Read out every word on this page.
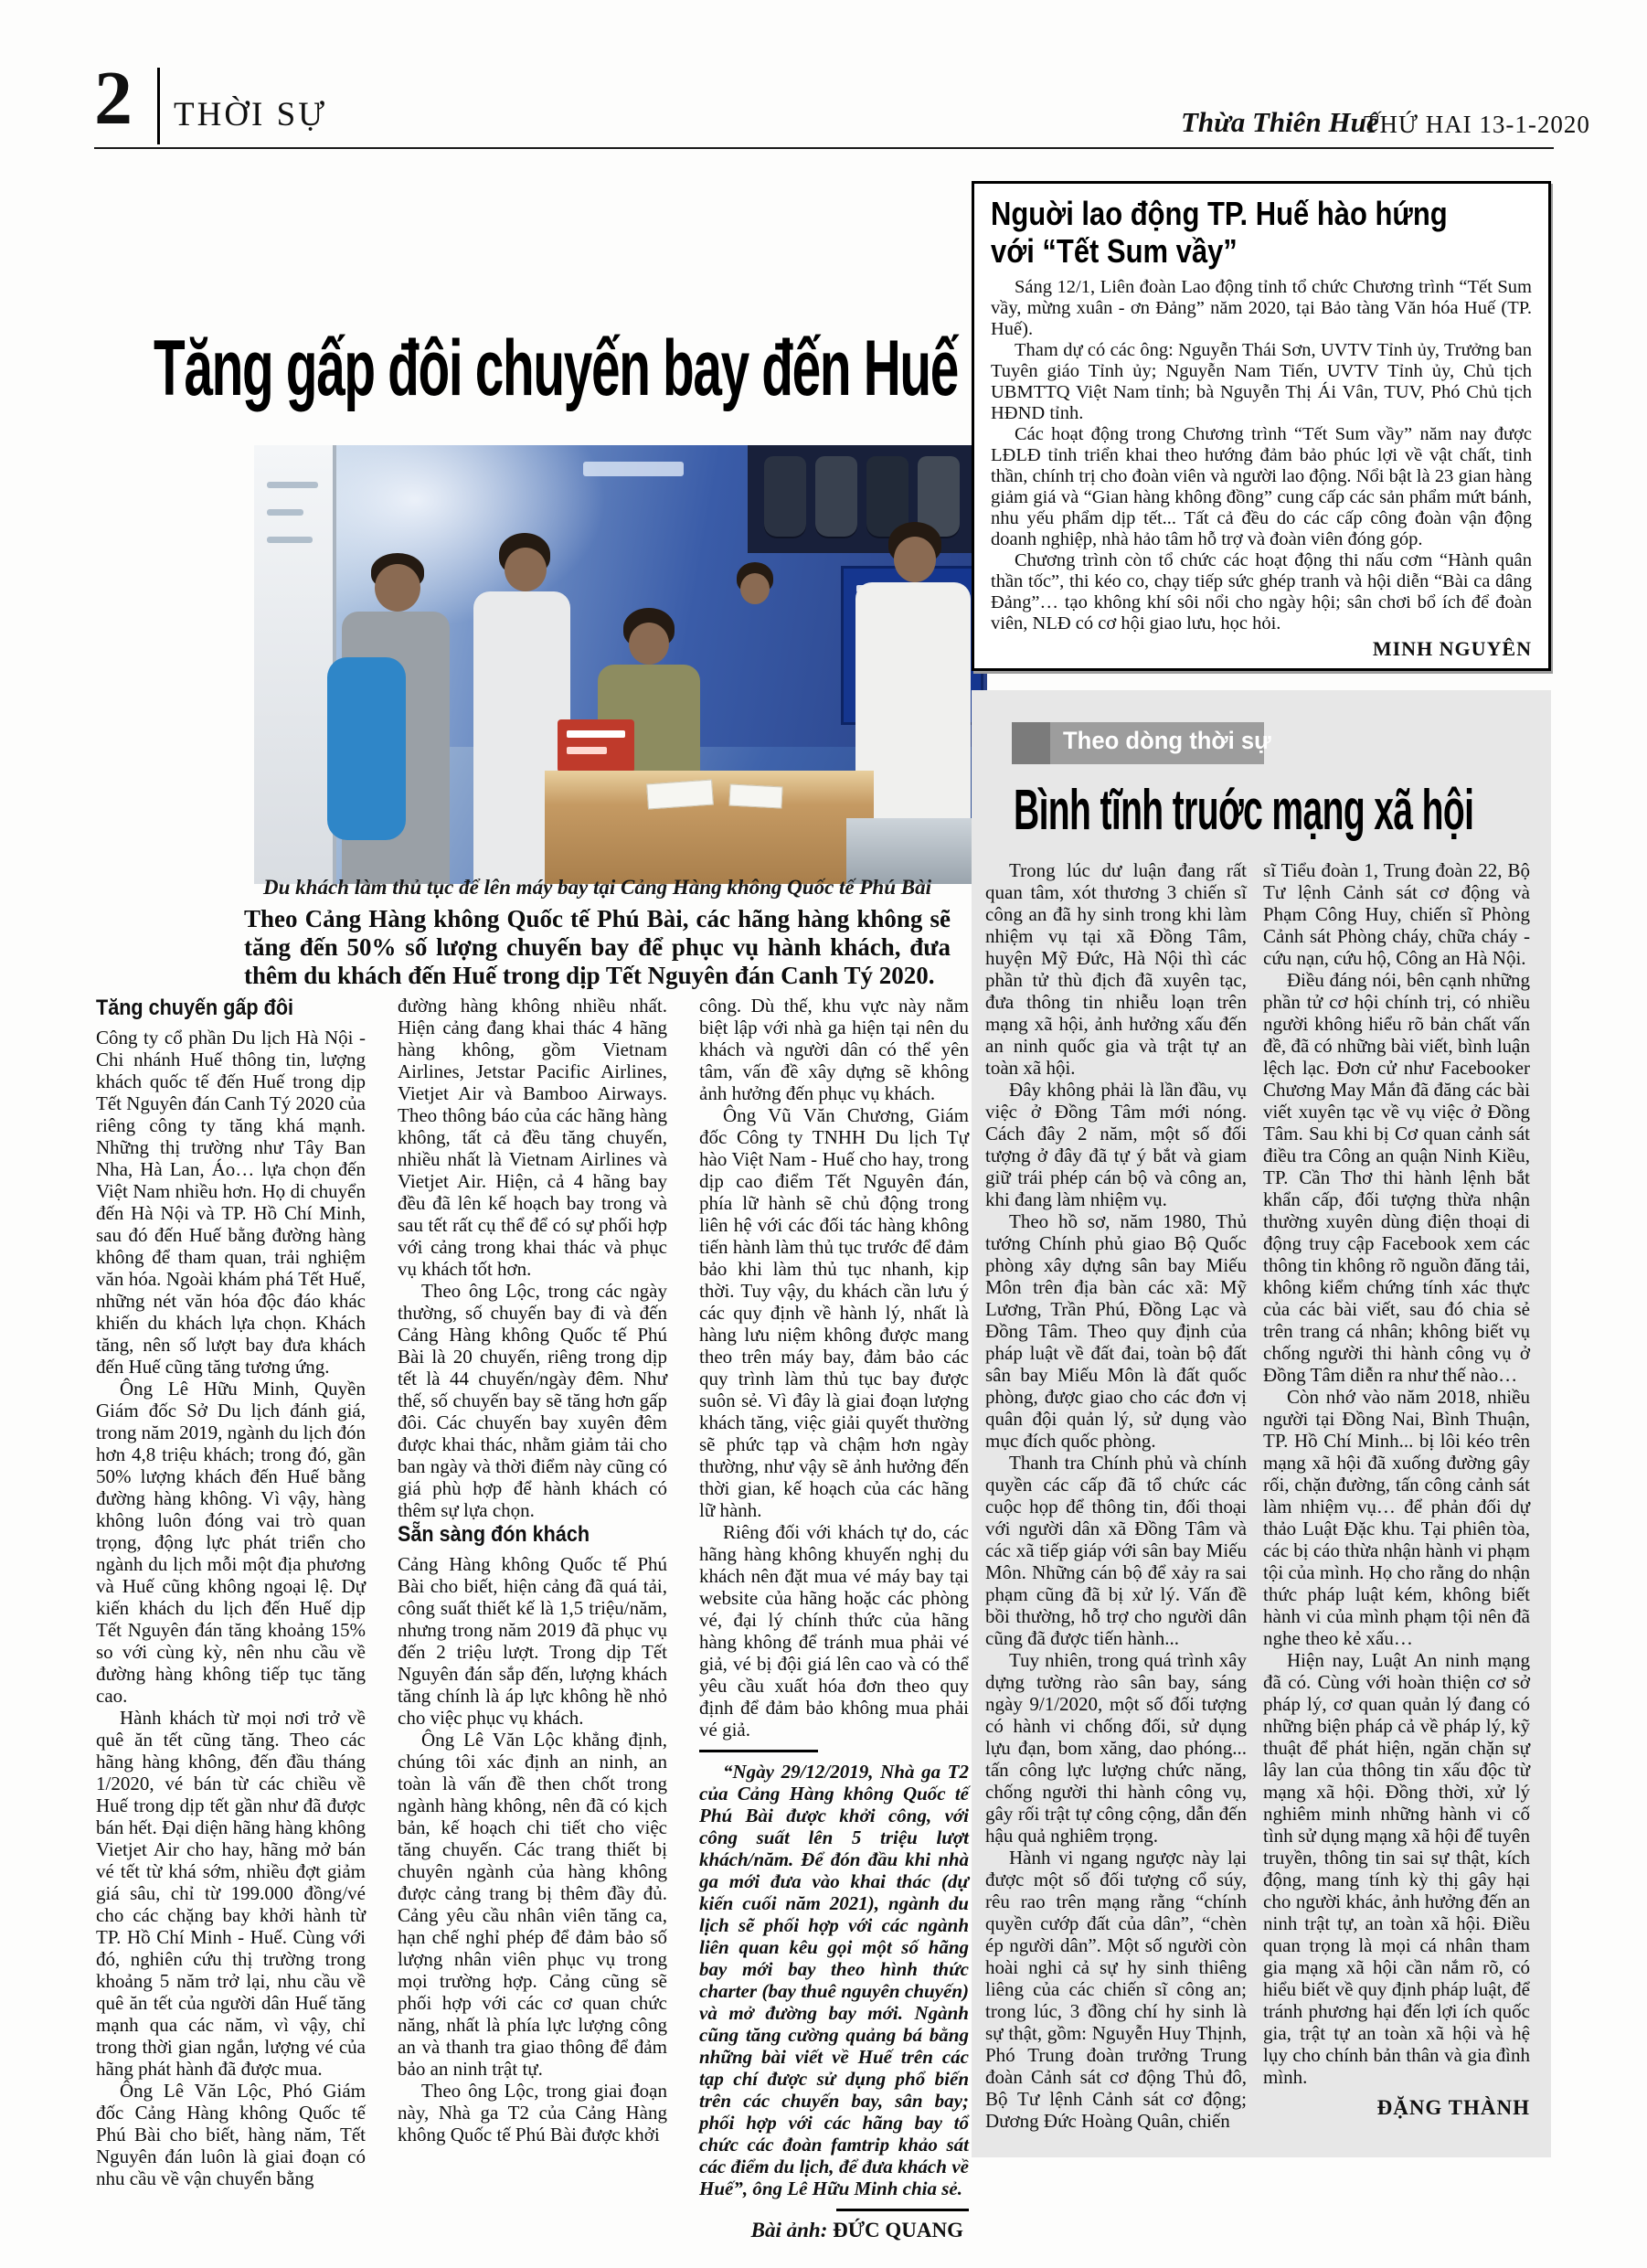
2 THỜI SỰ	Thừa Thiên Huế
THỨ HAI 13-1-2020
Tăng gấp đôi chuyến bay đến Huế
Du khách làm thủ tục để lên máy bay tại Cảng Hàng không Quốc tế Phú Bài
Theo Cảng Hàng không Quốc tế Phú Bài, các hãng hàng không sẽ tăng đến 50% số lượng chuyến bay để phục vụ hành khách, đưa thêm du khách đến Huế trong dịp Tết Nguyên đán Canh Tý 2020.
Tăng chuyến gấp đôi

Công ty cổ phần Du lịch Hà Nội - Chi nhánh Huế thông tin, lượng khách quốc tế đến Huế trong dịp Tết Nguyên đán Canh Tý 2020 của riêng công ty tăng khá mạnh. Những thị trường như Tây Ban Nha, Hà Lan, Áo… lựa chọn đến Việt Nam nhiều hơn. Họ di chuyển đến Hà Nội và TP. Hồ Chí Minh, sau đó đến Huế bằng đường hàng không để tham quan, trải nghiệm văn hóa. Ngoài khám phá Tết Huế, những nét văn hóa độc đáo khác khiến du khách lựa chọn. Khách tăng, nên số lượt bay đưa khách đến Huế cũng tăng tương ứng.

Ông Lê Hữu Minh, Quyền Giám đốc Sở Du lịch đánh giá, trong năm 2019, ngành du lịch đón hơn 4,8 triệu khách; trong đó, gần 50% lượng khách đến Huế bằng đường hàng không. Vì vậy, hàng không luôn đóng vai trò quan trọng, động lực phát triển cho ngành du lịch mỗi một địa phương và Huế cũng không ngoại lệ. Dự kiến khách du lịch đến Huế dịp Tết Nguyên đán tăng khoảng 15% so với cùng kỳ, nên nhu cầu về đường hàng không tiếp tục tăng cao.

Hành khách từ mọi nơi trở về quê ăn tết cũng tăng. Theo các hãng hàng không, đến đầu tháng 1/2020, vé bán từ các chiều về Huế trong dịp tết gần như đã được bán hết. Đại diện hãng hàng không Vietjet Air cho hay, hãng mở bán vé tết từ khá sớm, nhiều đợt giảm giá sâu, chỉ từ 199.000 đồng/vé cho các chặng bay khởi hành từ TP. Hồ Chí Minh - Huế. Cùng với đó, nghiên cứu thị trường trong khoảng 5 năm trở lại, nhu cầu về quê ăn tết của người dân Huế tăng mạnh qua các năm, vì vậy, chỉ trong thời gian ngắn, lượng vé của hãng phát hành đã được mua.

Ông Lê Văn Lộc, Phó Giám đốc Cảng Hàng không Quốc tế Phú Bài cho biết, hàng năm, Tết Nguyên đán luôn là giai đoạn có nhu cầu về vận chuyển bằng

đường hàng không nhiều nhất. Hiện cảng đang khai thác 4 hãng hàng không, gồm Vietnam Airlines, Jetstar Pacific Airlines, Vietjet Air và Bamboo Airways. Theo thông báo của các hãng hàng không, tất cả đều tăng chuyến, nhiều nhất là Vietnam Airlines và Vietjet Air. Hiện, cả 4 hãng bay đều đã lên kế hoạch bay trong và sau tết rất cụ thể để có sự phối hợp với cảng trong khai thác và phục vụ khách tốt hơn.

Theo ông Lộc, trong các ngày thường, số chuyến bay đi và đến Cảng Hàng không Quốc tế Phú Bài là 20 chuyến, riêng trong dịp tết là 44 chuyến/ngày đêm. Như thế, số chuyến bay sẽ tăng hơn gấp đôi. Các chuyến bay xuyên đêm được khai thác, nhằm giảm tải cho ban ngày và thời điểm này cũng có giá phù hợp để hành khách có thêm sự lựa chọn.

Sẵn sàng đón khách

Cảng Hàng không Quốc tế Phú Bài cho biết, hiện cảng đã quá tải, công suất thiết kế là 1,5 triệu/năm, nhưng trong năm 2019 đã phục vụ đến 2 triệu lượt. Trong dịp Tết Nguyên đán sắp đến, lượng khách tăng chính là áp lực không hề nhỏ cho việc phục vụ khách.

Ông Lê Văn Lộc khẳng định, chúng tôi xác định an ninh, an toàn là vấn đề then chốt trong ngành hàng không, nên đã có kịch bản, kế hoạch chi tiết cho việc tăng chuyến. Các trang thiết bị chuyên ngành của hàng không được cảng trang bị thêm đầy đủ. Cảng yêu cầu nhân viên tăng ca, hạn chế nghỉ phép để đảm bảo số lượng nhân viên phục vụ trong mọi trường hợp. Cảng cũng sẽ phối hợp với các cơ quan chức năng, nhất là phía lực lượng công an và thanh tra giao thông để đảm bảo an ninh trật tự.

Theo ông Lộc, trong giai đoạn này, Nhà ga T2 của Cảng Hàng không Quốc tế Phú Bài được khởi

công. Dù thế, khu vực này nằm biệt lập với nhà ga hiện tại nên du khách và người dân có thể yên tâm, vấn đề xây dựng sẽ không ảnh hưởng đến phục vụ khách.

Ông Vũ Văn Chương, Giám đốc Công ty TNHH Du lịch Tự hào Việt Nam - Huế cho hay, trong dịp cao điểm Tết Nguyên đán, phía lữ hành sẽ chủ động trong liên hệ với các đối tác hàng không tiến hành làm thủ tục trước để đảm bảo khi làm thủ tục nhanh, kịp thời. Tuy vậy, du khách cần lưu ý các quy định về hành lý, nhất là hàng lưu niệm không được mang theo trên máy bay, đảm bảo các quy trình làm thủ tục bay được suôn sẻ. Vì đây là giai đoạn lượng khách tăng, việc giải quyết thường sẽ phức tạp và chậm hơn ngày thường, như vậy sẽ ảnh hưởng đến thời gian, kế hoạch của các hãng lữ hành.

Riêng đối với khách tự do, các hãng hàng không khuyến nghị du khách nên đặt mua vé máy bay tại website của hãng hoặc các phòng vé, đại lý chính thức của hãng hàng không để tránh mua phải vé giả, vé bị đội giá lên cao và có thể yêu cầu xuất hóa đơn theo quy định để đảm bảo không mua phải vé giả.

“Ngày 29/12/2019, Nhà ga T2 của Cảng Hàng không Quốc tế Phú Bài được khởi công, với công suất lên 5 triệu lượt khách/năm. Để đón đầu khi nhà ga mới đưa vào khai thác (dự kiến cuối năm 2021), ngành du lịch sẽ phối hợp với các ngành liên quan kêu gọi một số hãng bay mới bay theo hình thức charter (bay thuê nguyên chuyến) và mở đường bay mới. Ngành cũng tăng cường quảng bá bằng những bài viết về Huế trên các tạp chí được sử dụng phổ biến trên các chuyến bay, sân bay; phối hợp với các hãng bay tổ chức các đoàn famtrip khảo sát các điểm du lịch, để đưa khách về Huế”, ông Lê Hữu Minh chia sẻ.
Bài ảnh: ĐỨC QUANG
Nguời lao động TP. Huế hào hứng
với “Tết Sum vầy”

Sáng 12/1, Liên đoàn Lao động tỉnh tổ chức Chương trình “Tết Sum vầy, mừng xuân - ơn Đảng” năm 2020, tại Bảo tàng Văn hóa Huế (TP. Huế).

Tham dự có các ông: Nguyễn Thái Sơn, UVTV Tỉnh ủy, Trưởng ban Tuyên giáo Tỉnh ủy; Nguyễn Nam Tiến, UVTV Tỉnh ủy, Chủ tịch UBMTTQ Việt Nam tỉnh; bà Nguyễn Thị Ái Vân, TUV, Phó Chủ tịch HĐND tỉnh.

Các hoạt động trong Chương trình “Tết Sum vầy” năm nay được LĐLĐ tỉnh triển khai theo hướng đảm bảo phúc lợi về vật chất, tinh thần, chính trị cho đoàn viên và người lao động. Nổi bật là 23 gian hàng giảm giá và “Gian hàng không đồng” cung cấp các sản phẩm mứt bánh, nhu yếu phẩm dịp tết... Tất cả đều do các cấp công đoàn vận động doanh nghiệp, nhà hảo tâm hỗ trợ và đoàn viên đóng góp.

Chương trình còn tổ chức các hoạt động thi nấu cơm “Hành quân thần tốc”, thi kéo co, chạy tiếp sức ghép tranh và hội diễn “Bài ca dâng Đảng”… tạo không khí sôi nổi cho ngày hội; sân chơi bổ ích để đoàn viên, NLĐ có cơ hội giao lưu, học hỏi.

MINH NGUYÊN
Theo dòng thời sự
Bình tĩnh truớc mạng xã hội

Trong lúc dư luận đang rất quan tâm, xót thương 3 chiến sĩ công an đã hy sinh trong khi làm nhiệm vụ tại xã Đồng Tâm, huyện Mỹ Đức, Hà Nội thì các phần tử thù địch đã xuyên tạc, đưa thông tin nhiễu loạn trên mạng xã hội, ảnh hưởng xấu đến an ninh quốc gia và trật tự an toàn xã hội.

Đây không phải là lần đầu, vụ việc ở Đồng Tâm mới nóng. Cách đây 2 năm, một số đối tượng ở đây đã tự ý bắt và giam giữ trái phép cán bộ và công an, khi đang làm nhiệm vụ.

Theo hồ sơ, năm 1980, Thủ tướng Chính phủ giao Bộ Quốc phòng xây dựng sân bay Miếu Môn trên địa bàn các xã: Mỹ Lương, Trần Phú, Đồng Lạc và Đồng Tâm. Theo quy định của pháp luật về đất đai, toàn bộ đất sân bay Miếu Môn là đất quốc phòng, được giao cho các đơn vị quân đội quản lý, sử dụng vào mục đích quốc phòng.

Thanh tra Chính phủ và chính quyền các cấp đã tổ chức các cuộc họp để thông tin, đối thoại với người dân xã Đồng Tâm và các xã tiếp giáp với sân bay Miếu Môn. Những cán bộ để xảy ra sai phạm cũng đã bị xử lý. Vấn đề bồi thường, hỗ trợ cho người dân cũng đã được tiến hành...

Tuy nhiên, trong quá trình xây dựng tường rào sân bay, sáng ngày 9/1/2020, một số đối tượng có hành vi chống đối, sử dụng lựu đạn, bom xăng, dao phóng... tấn công lực lượng chức năng, chống người thi hành công vụ, gây rối trật tự công cộng, dẫn đến hậu quả nghiêm trọng.

Hành vi ngang ngược này lại được một số đối tượng cổ súy, rêu rao trên mạng rằng “chính quyền cướp đất của dân”, “chèn ép người dân”. Một số người còn hoài nghi cả sự hy sinh thiêng liêng của các chiến sĩ công an; trong lúc, 3 đồng chí hy sinh là sự thật, gồm: Nguyễn Huy Thịnh, Phó Trung đoàn trưởng Trung đoàn Cảnh sát cơ động Thủ đô, Bộ Tư lệnh Cảnh sát cơ động; Dương Đức Hoàng Quân, chiến

sĩ Tiểu đoàn 1, Trung đoàn 22, Bộ Tư lệnh Cảnh sát cơ động và Phạm Công Huy, chiến sĩ Phòng Cảnh sát Phòng cháy, chữa cháy - cứu nạn, cứu hộ, Công an Hà Nội.

Điều đáng nói, bên cạnh những phần tử cơ hội chính trị, có nhiều người không hiểu rõ bản chất vấn đề, đã có những bài viết, bình luận lệch lạc. Đơn cử như Facebooker Chương May Mắn đã đăng các bài viết xuyên tạc về vụ việc ở Đồng Tâm. Sau khi bị Cơ quan cảnh sát điều tra Công an quận Ninh Kiều, TP. Cần Thơ thi hành lệnh bắt khẩn cấp, đối tượng thừa nhận thường xuyên dùng điện thoại di động truy cập Facebook xem các thông tin không rõ nguồn đăng tải, không kiểm chứng tính xác thực của các bài viết, sau đó chia sẻ trên trang cá nhân; không biết vụ chống người thi hành công vụ ở Đồng Tâm diễn ra như thế nào…

Còn nhớ vào năm 2018, nhiều người tại Đồng Nai, Bình Thuận, TP. Hồ Chí Minh... bị lôi kéo trên mạng xã hội đã xuống đường gây rối, chặn đường, tấn công cảnh sát làm nhiệm vụ… để phản đối dự thảo Luật Đặc khu. Tại phiên tòa, các bị cáo thừa nhận hành vi phạm tội của mình. Họ cho rằng do nhận thức pháp luật kém, không biết hành vi của mình phạm tội nên đã nghe theo kẻ xấu…

Hiện nay, Luật An ninh mạng đã có. Cùng với hoàn thiện cơ sở pháp lý, cơ quan quản lý đang có những biện pháp cả về pháp lý, kỹ thuật để phát hiện, ngăn chặn sự lây lan của thông tin xấu độc từ mạng xã hội. Đồng thời, xử lý nghiêm minh những hành vi cố tình sử dụng mạng xã hội để tuyên truyền, thông tin sai sự thật, kích động, mang tính kỳ thị gây hại cho người khác, ảnh hưởng đến an ninh trật tự, an toàn xã hội. Điều quan trọng là mọi cá nhân tham gia mạng xã hội cần nắm rõ, có hiểu biết về quy định pháp luật, để tránh phương hại đến lợi ích quốc gia, trật tự an toàn xã hội và hệ lụy cho chính bản thân và gia đình mình.

ĐẶNG THÀNH
